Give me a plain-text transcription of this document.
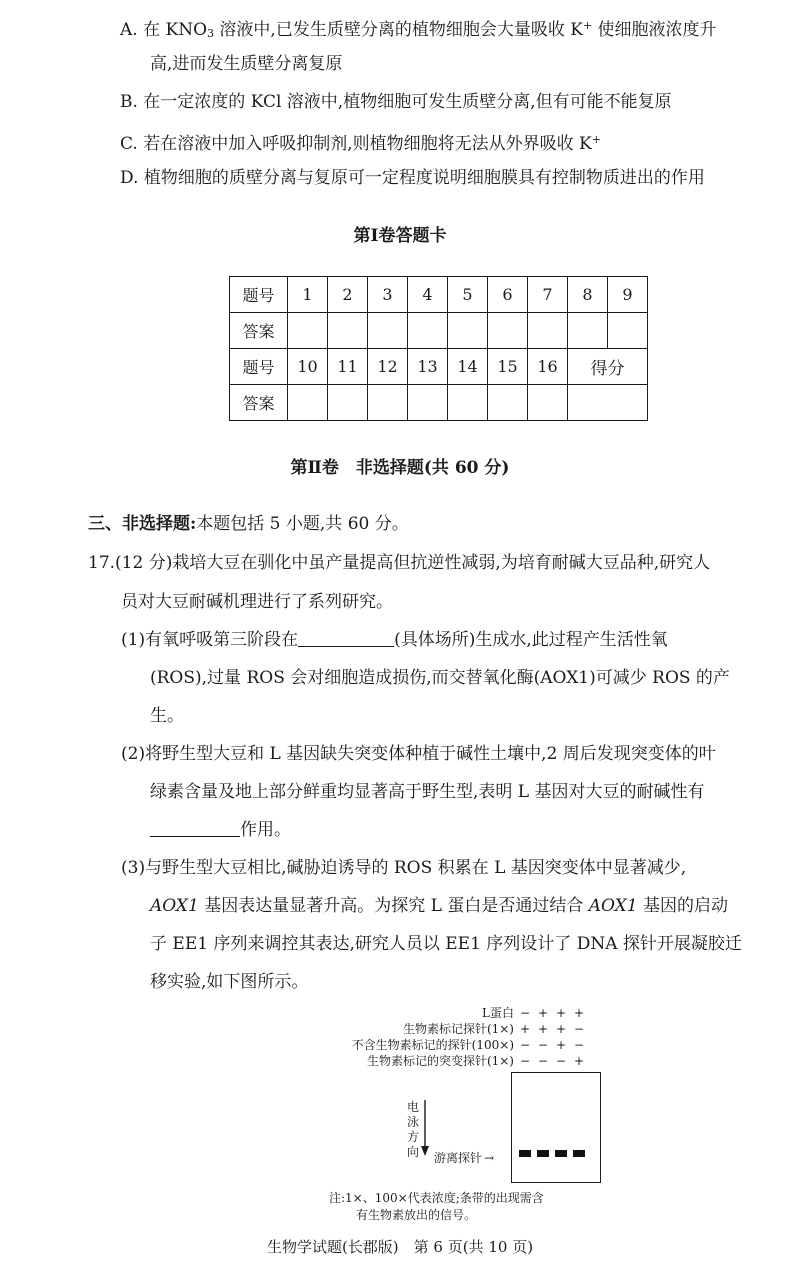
A. 在 $KNO_3$ 溶液中,已发生质壁分离的植物细胞会大量吸收 K+ 使细胞液浓度升
高,进而发生质壁分离复原
B. 在一定浓度的 KCl 溶液中,植物细胞可发生质壁分离,但有可能不能复原
C. 若在溶液中加入呼吸抑制剂,则植物细胞将无法从外界吸收 K+
D. 植物细胞的质壁分离与复原可一定程度说明细胞膜具有控制物质进出的作用
第Ⅰ卷答题卡
题号	1	2	3	4	5	6	7	8	9
答案									
题号	10	11	12	13	14	15	16	得分	
答案									
第Ⅱ卷　非选择题(共 60 分)
三、非选择题:本题包括 5 小题,共 60 分。
17.(12 分)栽培大豆在驯化中虽产量提高但抗逆性减弱,为培育耐碱大豆品种,研究人
员对大豆耐碱机理进行了系列研究。
(1)有氧呼吸第三阶段在	(具体场所)生成水,此过程产生活性氧
(ROS),过量 ROS 会对细胞造成损伤,而交替氧化酶(AOX1)可减少 ROS 的产
生。
(2)将野生型大豆和 L 基因缺失突变体种植于碱性土壤中,2 周后发现突变体的叶
绿素含量及地上部分鲜重均显著高于野生型,表明 L 基因对大豆的耐碱性有
作用。
(3)与野生型大豆相比,碱胁迫诱导的 ROS 积累在 L 基因突变体中显著减少,
AOX1 基因表达量显著升高。为探究 L 蛋白是否通过结合 AOX1 基因的启动
子 EE1 序列来调控其表达,研究人员以 EE1 序列设计了 DNA 探针开展凝胶迁
移实验,如下图所示。
L蛋白 − + + +
生物素标记探针(1×) + + + −
不含生物素标记的探针(100×) − − + −
生物素标记的突变探针(1×) − − − +
电
泳
方
向 游离探针 →
注:1×、100×代表浓度;条带的出现需含
有生物素放出的信号。
生物学试题(长郡版)　第 6 页(共 10 页)
